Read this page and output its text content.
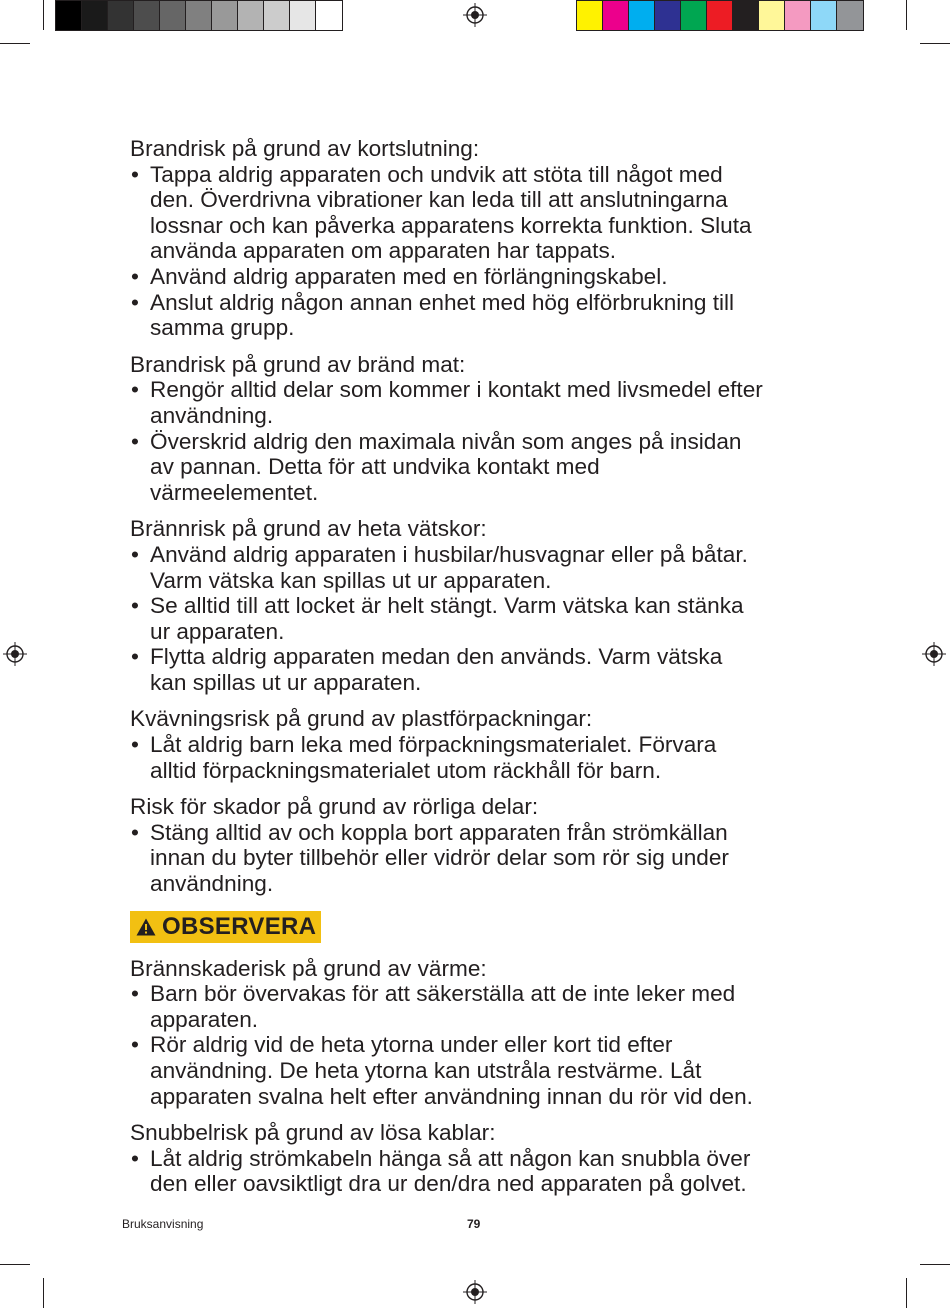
Brandrisk på grund av kortslutning:

• Tappa aldrig apparaten och undvik att stöta till något med
den. Överdrivna vibrationer kan leda till att anslutningarna
lossnar och kan påverka apparatens korrekta funktion. Sluta
använda apparaten om apparaten har tappats.
• Använd aldrig apparaten med en förlängningskabel.
• Anslut aldrig någon annan enhet med hög elförbrukning till
samma grupp.

Brandrisk på grund av bränd mat:

• Rengör alltid delar som kommer i kontakt med livsmedel efter
användning.
• Överskrid aldrig den maximala nivån som anges på insidan
av pannan. Detta för att undvika kontakt med
värmeelementet.

Brännrisk på grund av heta vätskor:

• Använd aldrig apparaten i husbilar/husvagnar eller på båtar.
Varm vätska kan spillas ut ur apparaten.
• Se alltid till att locket är helt stängt. Varm vätska kan stänka
ur apparaten.
• Flytta aldrig apparaten medan den används. Varm vätska
kan spillas ut ur apparaten.

Kvävningsrisk på grund av plastförpackningar:

• Låt aldrig barn leka med förpackningsmaterialet. Förvara
alltid förpackningsmaterialet utom räckhåll för barn.

Risk för skador på grund av rörliga delar:

• Stäng alltid av och koppla bort apparaten från strömkällan
innan du byter tillbehör eller vidrör delar som rör sig under
användning.
OBSERVERA

Brännskaderisk på grund av värme:

• Barn bör övervakas för att säkerställa att de inte leker med
apparaten.
• Rör aldrig vid de heta ytorna under eller kort tid efter
användning. De heta ytorna kan utstråla restvärme. Låt
apparaten svalna helt efter användning innan du rör vid den.

Snubbelrisk på grund av lösa kablar:

• Låt aldrig strömkabeln hänga så att någon kan snubbla över
den eller oavsiktligt dra ur den/dra ned apparaten på golvet.
Bruksanvisning	79
